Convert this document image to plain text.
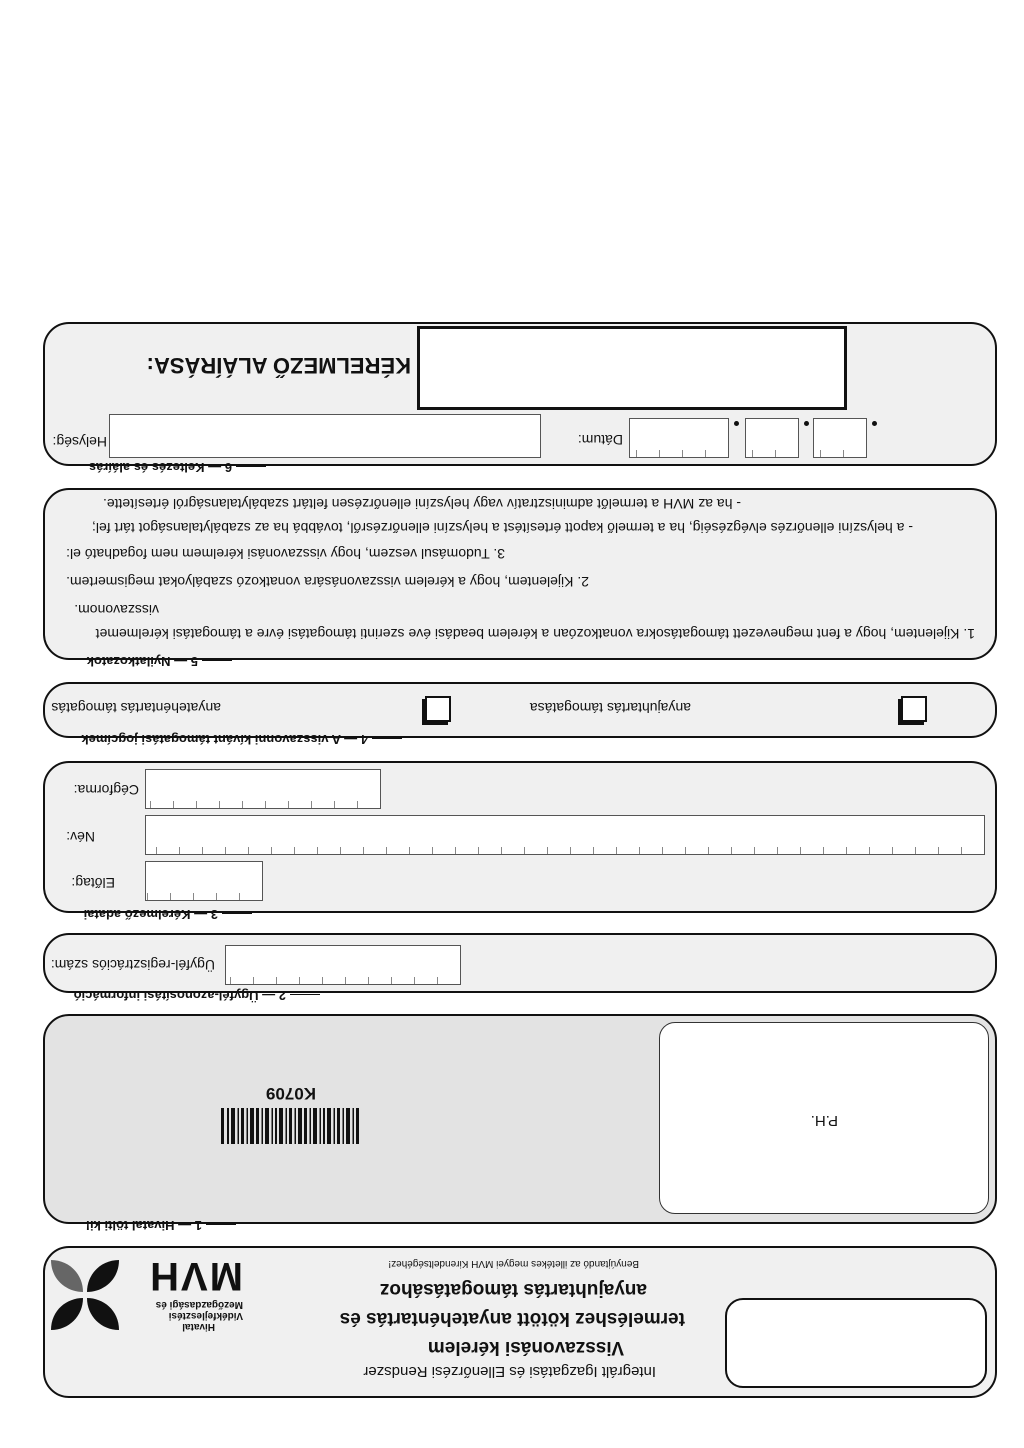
Integrált Igazgatási és Ellenőrzési Rendszer
Visszavonási kérelem
termeléshez kötött anyatehéntartás és
anyajuhtartás támogatásához
Benyújtandó az illetékes megyei MVH Kirendeltségéhez!
MVH
Mezőgazdasági és
Vidékfejlesztési
Hivatal
P.H.
K0709
1 — Hivatal tölti ki!
Ügyfél-regisztrációs szám:
2 — Ügyfél-azonosítási információ
Előtag:
Név:
Cégforma:
3 — Kérelmező adatai
anyajuhtartás támogatása
anyatehéntartás támogatás
4 — A visszavonni kívánt támogatási jogcímek
1. Kijelentem, hogy a fent megnevezett támogatásokra vonatkozóan a kérelem beadási éve szerinti támogatási évre a támogatási kérelmemet
visszavonom.
2. Kijelentem, hogy a kérelem visszavonására vonatkozó szabályokat megismertem.
3. Tudomásul veszem, hogy visszavonási kérelmem nem fogadható el:
- a helyszíni ellenőrzés elvégzéséig, ha a termelő kapott értesítést a helyszíni ellenőrzésről, továbbá ha az szabálytalanságot tárt fel;
- ha az MVH a termelőt adminisztratív vagy helyszíni ellenőrzésen feltárt szabálytalanságról értesítette.
5 — Nyilatkozatok
Helység:	Dátum:
KÉRELMEZŐ ALÁÍRÁSA:
6 — Keltezés és aláírás
